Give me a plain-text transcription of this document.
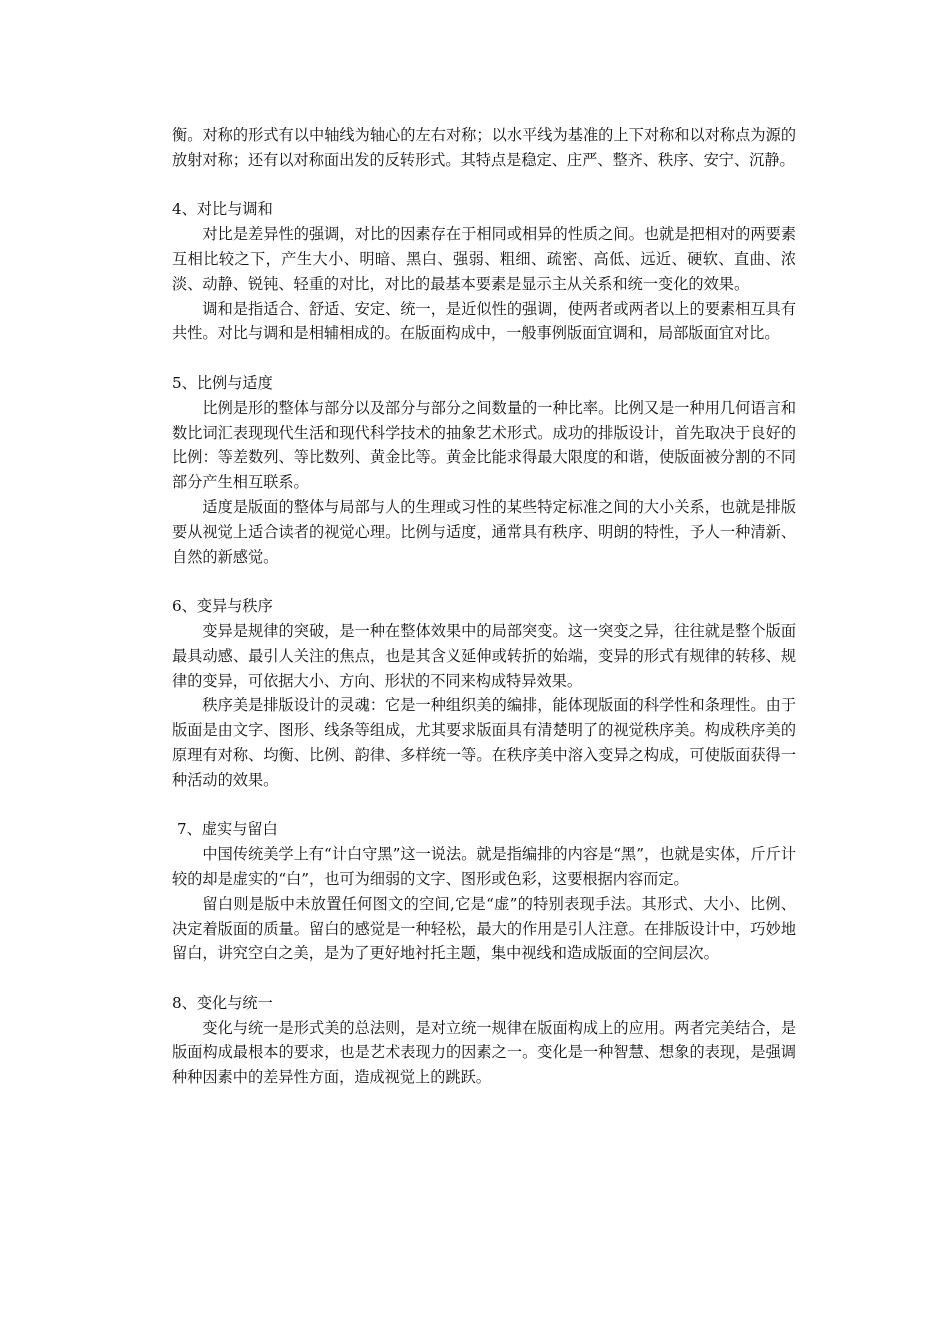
衡。对称的形式有以中轴线为轴心的左右对称；以水平线为基准的上下对称和以对称点为源的放射对称；还有以对称面出发的反转形式。其特点是稳定、庄严、整齐、秩序、安宁、沉静。

4、对比与调和

对比是差异性的强调，对比的因素存在于相同或相异的性质之间。也就是把相对的两要素互相比较之下，产生大小、明暗、黑白、强弱、粗细、疏密、高低、远近、硬软、直曲、浓淡、动静、锐钝、轻重的对比，对比的最基本要素是显示主从关系和统一变化的效果。

调和是指适合、舒适、安定、统一，是近似性的强调，使两者或两者以上的要素相互具有共性。对比与调和是相辅相成的。在版面构成中，一般事例版面宜调和，局部版面宜对比。

5、比例与适度

比例是形的整体与部分以及部分与部分之间数量的一种比率。比例又是一种用几何语言和数比词汇表现现代生活和现代科学技术的抽象艺术形式。成功的排版设计，首先取决于良好的比例：等差数列、等比数列、黄金比等。黄金比能求得最大限度的和谐，使版面被分割的不同部分产生相互联系。

适度是版面的整体与局部与人的生理或习性的某些特定标准之间的大小关系，也就是排版要从视觉上适合读者的视觉心理。比例与适度，通常具有秩序、明朗的特性，予人一种清新、自然的新感觉。

6、变异与秩序

变异是规律的突破，是一种在整体效果中的局部突变。这一突变之异，往往就是整个版面最具动感、最引人关注的焦点，也是其含义延伸或转折的始端，变异的形式有规律的转移、规律的变异，可依据大小、方向、形状的不同来构成特异效果。

秩序美是排版设计的灵魂：它是一种组织美的编排，能体现版面的科学性和条理性。由于版面是由文字、图形、线条等组成，尤其要求版面具有清楚明了的视觉秩序美。构成秩序美的原理有对称、均衡、比例、韵律、多样统一等。在秩序美中溶入变异之构成，可使版面获得一种活动的效果。

7、虚实与留白

中国传统美学上有“计白守黑”这一说法。就是指编排的内容是“黑”，也就是实体，斤斤计较的却是虚实的“白”，也可为细弱的文字、图形或色彩，这要根据内容而定。

留白则是版中未放置任何图文的空间,它是“虚”的特别表现手法。其形式、大小、比例、决定着版面的质量。留白的感觉是一种轻松，最大的作用是引人注意。在排版设计中，巧妙地留白，讲究空白之美，是为了更好地衬托主题，集中视线和造成版面的空间层次。

8、变化与统一

变化与统一是形式美的总法则，是对立统一规律在版面构成上的应用。两者完美结合，是版面构成最根本的要求，也是艺术表现力的因素之一。变化是一种智慧、想象的表现，是强调种种因素中的差异性方面，造成视觉上的跳跃。
